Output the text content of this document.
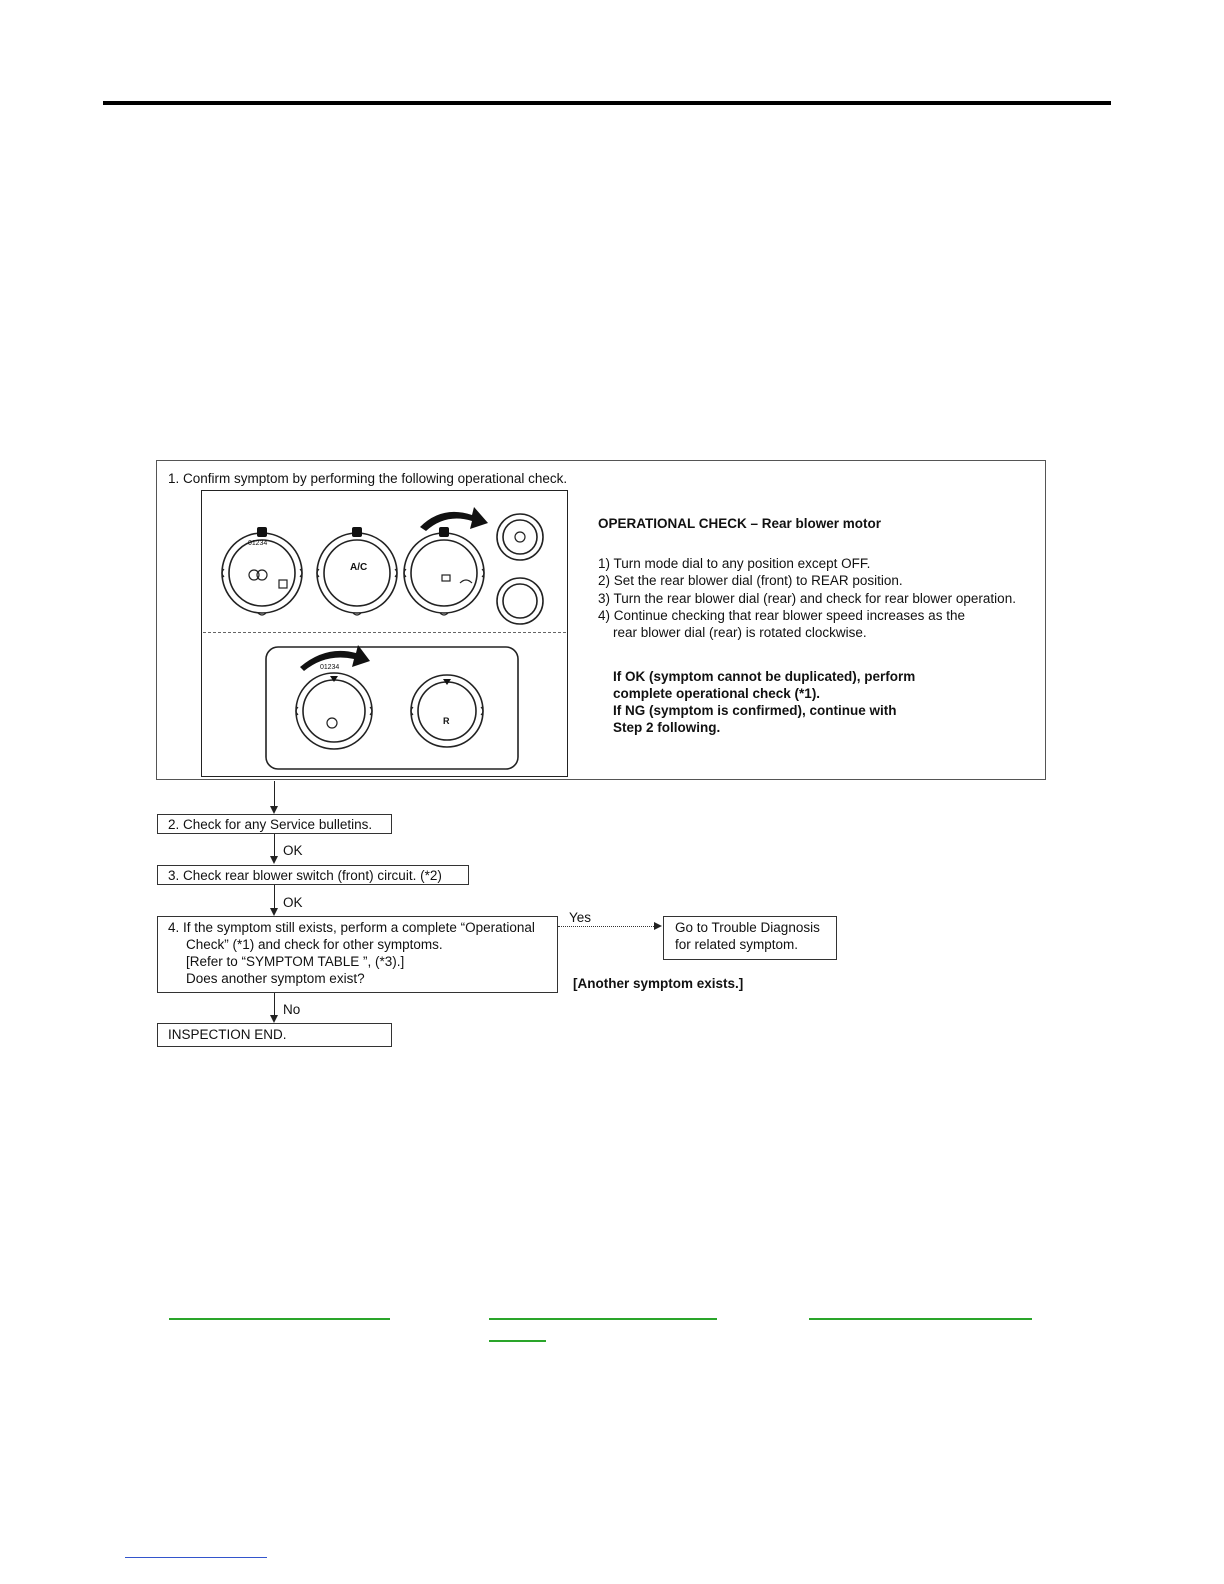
1. Confirm symptom by performing the following operational check.
A/C
R
0 1 2 3 4
0 1 2 3 4
OPERATIONAL CHECK – Rear blower motor
1) Turn mode dial to any position except OFF.
2) Set the rear blower dial (front) to REAR position.
3) Turn the rear blower dial (rear) and check for rear blower operation.
4) Continue checking that rear blower speed increases as the
rear blower dial (rear) is rotated clockwise.
If OK (symptom cannot be duplicated), perform
complete operational check (*1).
If NG (symptom is confirmed), continue with
Step 2 following.
2. Check for any Service bulletins.
OK
3. Check rear blower switch (front) circuit. (*2)
OK
4. If the symptom still exists, perform a complete “Operational
Check” (*1) and check for other symptoms.
[Refer to “SYMPTOM TABLE ”, (*3).]
Does another symptom exist?
Yes
Go to Trouble Diagnosis
for related symptom.
[Another symptom exists.]
No
INSPECTION END.
